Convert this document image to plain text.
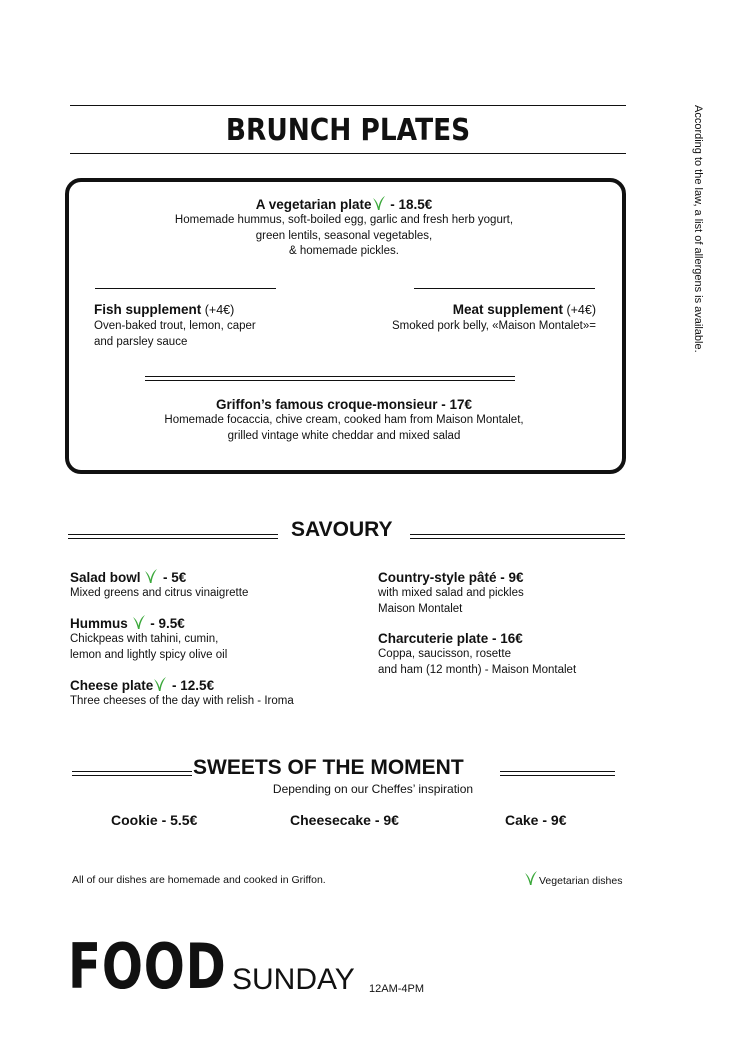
BRUNCH PLATES
A vegetarian plate
- 18.5€
Homemade hummus, soft-boiled egg, garlic and fresh herb yogurt,
green lentils, seasonal vegetables,
& homemade pickles.
Fish supplement (+4€)
Oven-baked trout, lemon, caper
and parsley sauce
Meat supplement (+4€)
Smoked pork belly, «Maison Montalet»=
Griffon’s famous croque-monsieur - 17€
Homemade focaccia, chive cream, cooked ham from Maison Montalet,
grilled vintage white cheddar and mixed salad
SAVOURY
Salad bowl
- 5€
Mixed greens and citrus vinaigrette
Hummus
- 9.5€
Chickpeas with tahini, cumin,
lemon and lightly spicy olive oil
Cheese plate
- 12.5€
Three cheeses of the day with relish - Iroma
Country-style pâté - 9€
with mixed salad and pickles
Maison Montalet
Charcuterie plate - 16€
Coppa, saucisson, rosette
and ham (12 month) - Maison Montalet
SWEETS OF THE MOMENT
Depending on our Cheffes’ inspiration
Cookie - 5.5€	Cheesecake - 9€	Cake - 9€
All of our dishes are homemade and cooked in Griffon.	Vegetarian dishes
FOOD SUNDAY 12AM-4PM
According to the law, a list of allergens is available.
